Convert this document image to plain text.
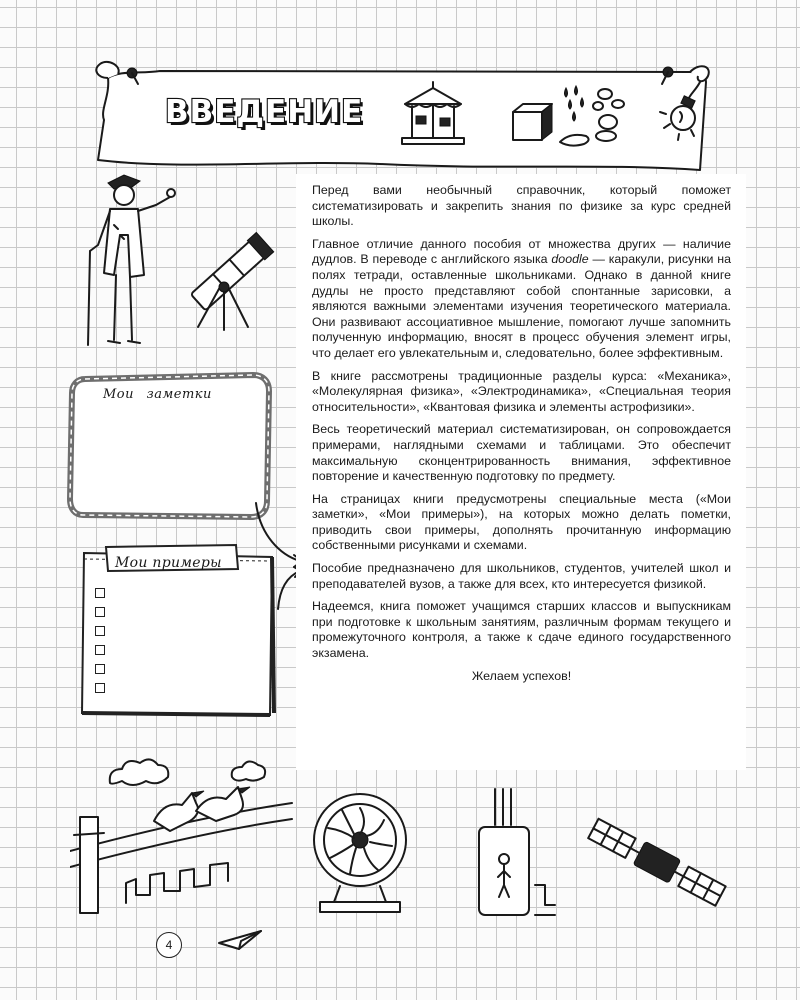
ВВЕДЕНИЕ
Мои заметки
Мои примеры

Перед вами необычный справочник, который поможет систематизировать и закрепить знания по физике за курс средней школы.

Главное отличие данного пособия от множества других — наличие дудлов. В переводе с английского языка doodle — каракули, рисунки на полях тетради, оставленные школьниками. Однако в данной книге дудлы не просто представляют собой спонтанные зарисовки, а являются важными элементами изучения теоретического материала. Они развивают ассоциативное мышление, помогают лучше запомнить полученную информацию, вносят в процесс обучения элемент игры, что делает его увлекательным и, следовательно, более эффективным.

В книге рассмотрены традиционные разделы курса: «Механика», «Молекулярная физика», «Электродинамика», «Специальная теория относительности», «Квантовая физика и элементы астрофизики».

Весь теоретический материал систематизирован, он сопровождается примерами, наглядными схемами и таблицами. Это обеспечит максимальную сконцентрированность внимания, эффективное повторение и качественную подготовку по предмету.

На страницах книги предусмотрены специальные места («Мои заметки», «Мои примеры»), на которых можно делать пометки, приводить свои примеры, дополнять прочитанную информацию собственными рисунками и схемами.

Пособие предназначено для школьников, студентов, учителей школ и преподавателей вузов, а также для всех, кто интересуется физикой.

Надеемся, книга поможет учащимся старших классов и выпускникам при подготовке к школьным занятиям, различным формам текущего и промежуточного контроля, а также к сдаче единого государственного экзамена.

Желаем успехов!

4
